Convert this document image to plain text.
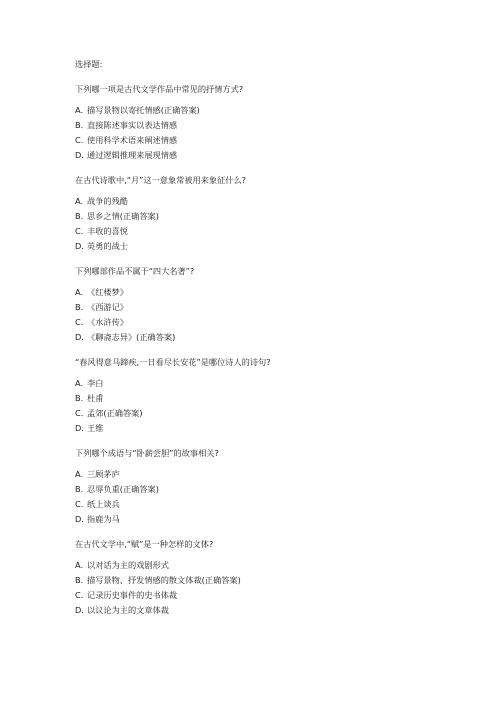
选择题:
下列哪一项是古代文学作品中常见的抒情方式?
A. 描写景物以寄托情感(正确答案)
B. 直接陈述事实以表达情感
C. 使用科学术语来阐述情感
D. 通过逻辑推理来展现情感
在古代诗歌中,“月”这一意象常被用来象征什么?
A. 战争的残酷
B. 思乡之情(正确答案)
C. 丰收的喜悦
D. 英勇的战士
下列哪部作品不属于“四大名著”?
A. 《红楼梦》
B. 《西游记》
C. 《水浒传》
D. 《聊斋志异》(正确答案)
“春风得意马蹄疾,一日看尽长安花”是哪位诗人的诗句?
A. 李白
B. 杜甫
C. 孟郊(正确答案)
D. 王维
下列哪个成语与“卧薪尝胆”的故事相关?
A. 三顾茅庐
B. 忍辱负重(正确答案)
C. 纸上谈兵
D. 指鹿为马
在古代文学中,“赋”是一种怎样的文体?
A. 以对话为主的戏剧形式
B. 描写景物、抒发情感的散文体裁(正确答案)
C. 记录历史事件的史书体裁
D. 以议论为主的文章体裁
